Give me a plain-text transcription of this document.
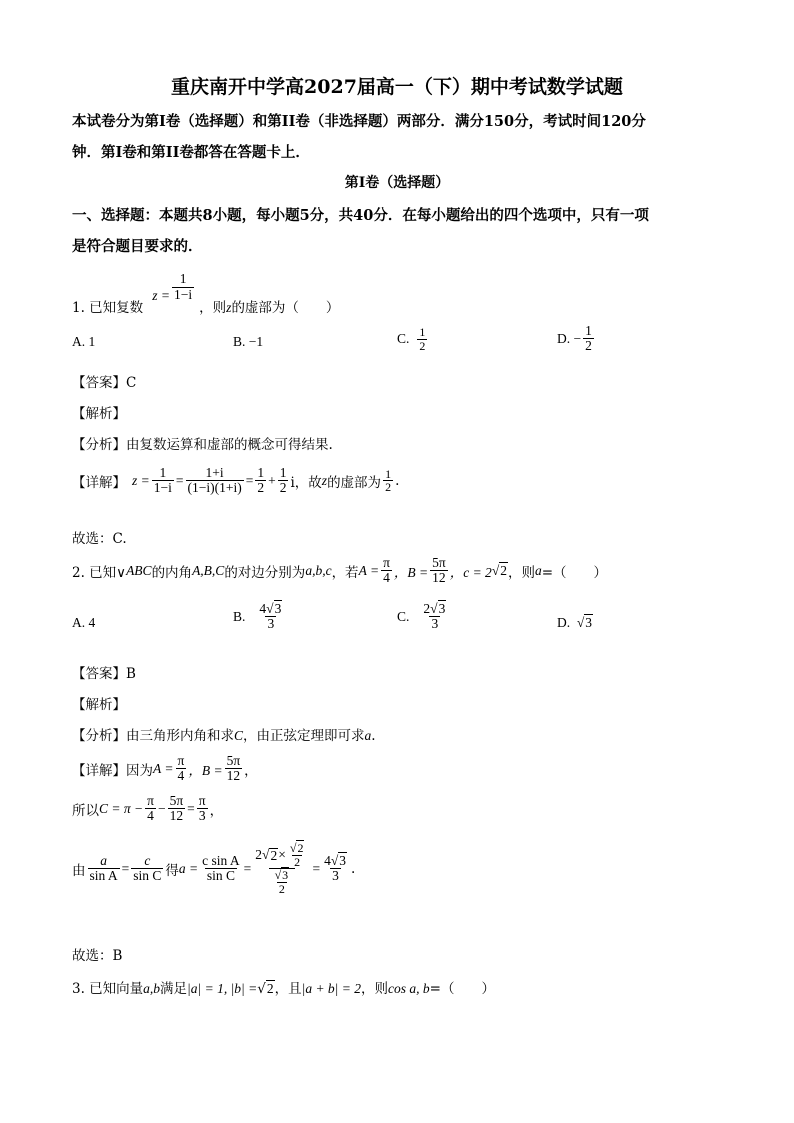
重庆南开中学高2027届高一（下）期中考试数学试题
本试卷分为第I卷（选择题）和第II卷（非选择题）两部分．满分150分，考试时间120分
钟．第I卷和第II卷都答在答题卡上．
第I卷（选择题）
一、选择题：本题共8小题，每小题5分，共40分．在每小题给出的四个选项中，只有一项
是符合题目要求的．

$z = \frac{1}{1-i}$
1. 已知复数	，则z的虚部为（　　）
A. 1	B. −1	C. $\frac{1}{2}$	D. − $\frac{1}{2}$
【答案】C
【解析】
【分析】由复数运算和虚部的概念可得结果.
【详解】 $z = \frac{1}{1-i} = \frac{1+i}{(1-i)(1+i)} = \frac{1}{2} + \frac{1}{2}$ i，故 z 的虚部为 $\frac{1}{2}$ .
故选：C.
2. 已知∨ ABC 的内角 A,B,C 的对边分别为 a,b,c ，若 $A = \frac{\pi}{4}$ ，$B = \frac{5\pi}{12}$ ，c = 2 √ 2 ，则 a =（　　）
A. 4	B. $\frac{4√3}{3}$	C. $\frac{2√3}{3}$	D.  √3
【答案】B
【解析】
【分析】由三角形内角和求C，由正弦定理即可求a.
【详解】 因为 $A = \frac{\pi}{4}$ ，$B = \frac{5\pi}{12}$ ，
所以 $C = \pi - \frac{\pi}{4} - \frac{5\pi}{12} = \frac{\pi}{3}$ ，
由 $\frac{a}{\text{sin A}} = \frac{c}{\text{sin C}}$ 得 $a = \frac{\text{c sin A}}{\text{sin C}} = \frac{2 √ 2 \times \frac{√2}{2}}{\frac{√3}{2}} = \frac{4√3}{3}$ .
故选：B
3. 已知向量a,b满足|a| = 1, |b| =√2，且|a + b| = 2，则cos a, b=（　　）
